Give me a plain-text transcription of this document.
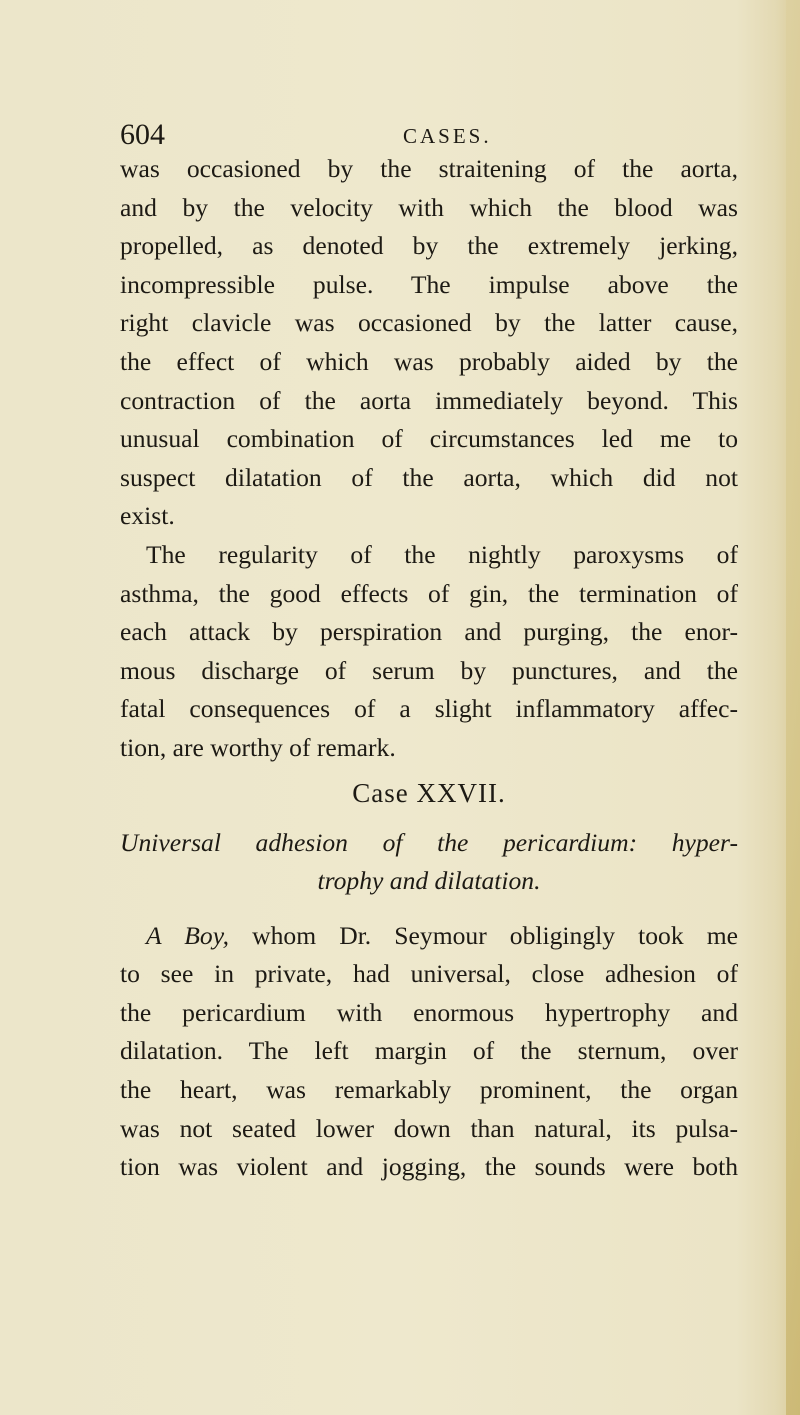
604	CASES.
was occasioned by the straitening of the aorta,
and by the velocity with which the blood was
propelled, as denoted by the extremely jerking,
incompressible pulse. The impulse above the
right clavicle was occasioned by the latter cause,
the effect of which was probably aided by the
contraction of the aorta immediately beyond. This
unusual combination of circumstances led me to
suspect dilatation of the aorta, which did not
exist.
The regularity of the nightly paroxysms of
asthma, the good effects of gin, the termination of
each attack by perspiration and purging, the enor-
mous discharge of serum by punctures, and the
fatal consequences of a slight inflammatory affec-
tion, are worthy of remark.
Case XXVII.
Universal adhesion of the pericardium: hyper-
trophy and dilatation.
A Boy, whom Dr. Seymour obligingly took me
to see in private, had universal, close adhesion of
the pericardium with enormous hypertrophy and
dilatation. The left margin of the sternum, over
the heart, was remarkably prominent, the organ
was not seated lower down than natural, its pulsa-
tion was violent and jogging, the sounds were both
